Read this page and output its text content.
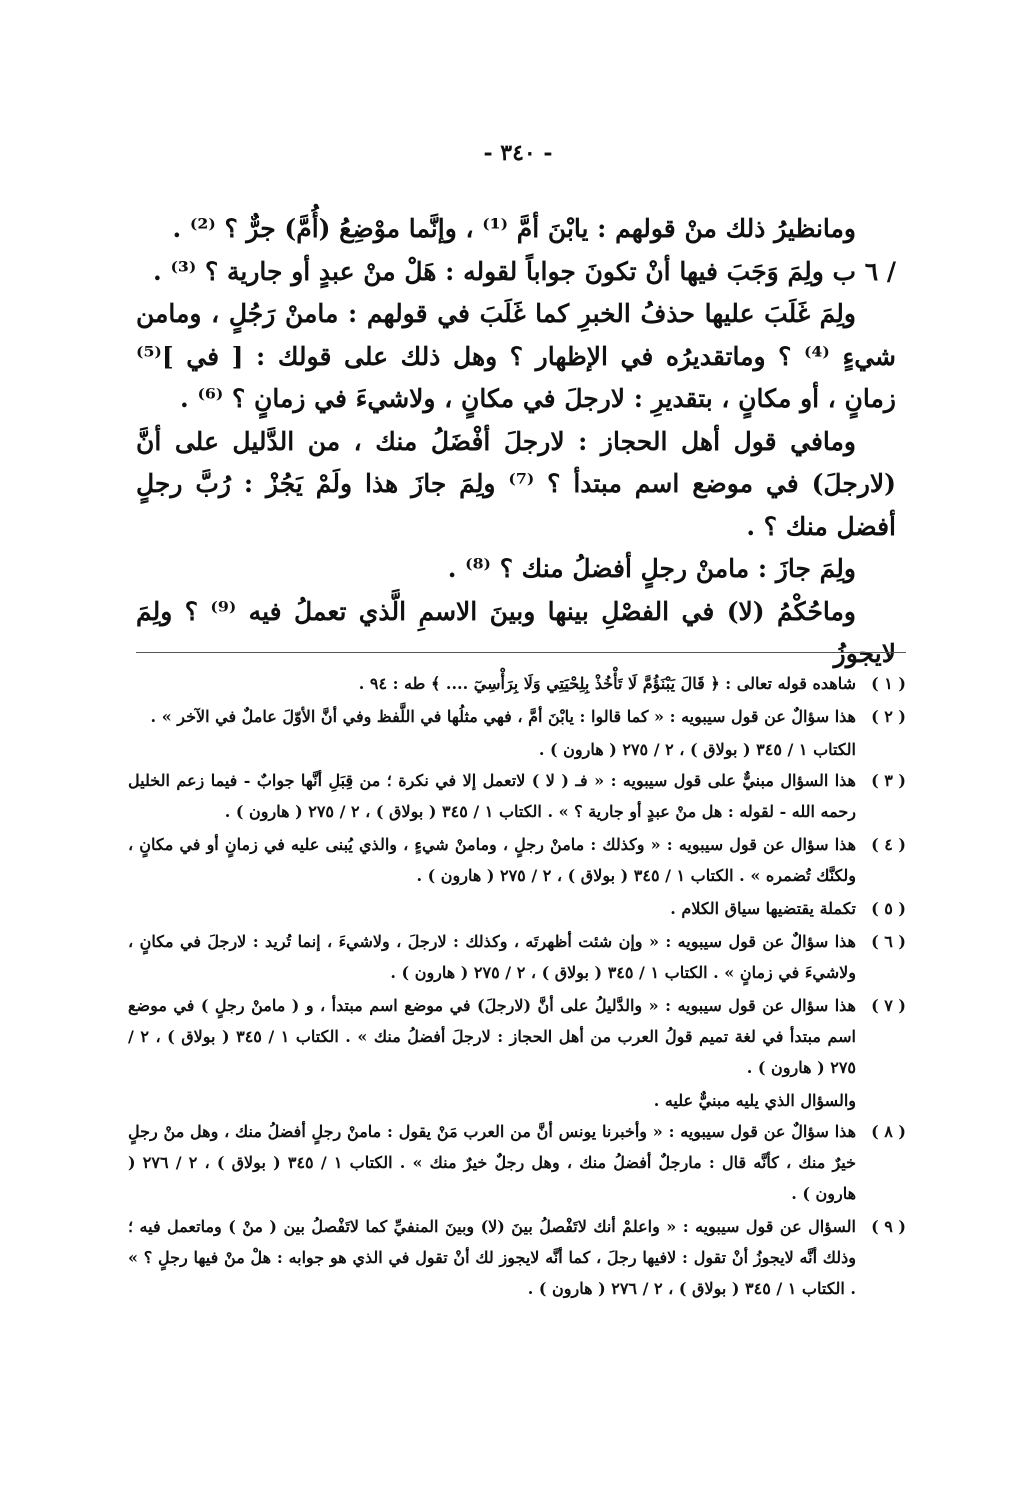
- ٣٤٠ -

ومانظيرُ ذلك منْ قولهم : يابْنَ أمَّ ⁽¹⁾ ، وإنَّما موْضِعُ (أُمَّ) جرٌّ ؟ ⁽²⁾ .

/ ٦ ب ولِمَ وَجَبَ فيها أنْ تكونَ جواباً لقوله : هَلْ منْ عبدٍ أو جارية ؟ ⁽³⁾ .

ولِمَ غَلَبَ عليها حذفُ الخبرِ كما غَلَبَ في قولهم : مامنْ رَجُلٍ ، ومامن شيءٍ ⁽⁴⁾ ؟ وماتقديرُه في الإظهار ؟ وهل ذلك على قولك : [ في ]⁽⁵⁾ زمانٍ ، أو مكانٍ ، بتقديرِ : لارجلَ في مكانٍ ، ولاشيءَ في زمانٍ ؟ ⁽⁶⁾ .

ومافي قول أهل الحجاز : لارجلَ أفْضَلُ منك ، من الدَّليل على أنَّ (لارجلَ) في موضع اسم مبتدأ ؟ ⁽⁷⁾ ولِمَ جازَ هذا ولَمْ يَجُزْ : رُبَّ رجلٍ أفضل منك ؟ .

ولِمَ جازَ : مامنْ رجلٍ أفضلُ منك ؟ ⁽⁸⁾ .

وماحُكْمُ (لا) في الفصْلِ بينها وبينَ الاسمِ الَّذي تعملُ فيه ⁽⁹⁾ ؟ ولِمَ لايجوزُ

( ١ )
شاهده قوله تعالى : ﴿ قَالَ يَبْنَؤُمَّ لَا تَأْخُذْ بِلِحْيَتِي وَلَا بِرَأْسِيٓ .... ﴾ طه : ٩٤ .
( ٢ )
هذا سؤالٌ عن قول سيبويه : « كما قالوا : يابْنَ أمَّ ، فهي مثلُها في اللَّفظ وفي أنَّ الأوّلَ عاملٌ في الآخر » .
الكتاب ١ / ٣٤٥ ( بولاق ) ، ٢ / ٢٧٥ ( هارون ) .
( ٣ )
هذا السؤال مبنيٌّ على قول سيبويه : « فـ ( لا ) لاتعمل إلا في نكرة ؛ من قِبَلِ أنَّها جوابٌ - فيما زعم الخليل رحمه الله - لقوله : هل منْ عبدٍ أو جارية ؟ » . الكتاب ١ / ٣٤٥ ( بولاق ) ، ٢ / ٢٧٥ ( هارون ) .
( ٤ )
هذا سؤال عن قول سيبويه : « وكذلك : مامنْ رجلٍ ، ومامنْ شيءٍ ، والذي يُبنى عليه في زمانٍ أو في مكانٍ ، ولكنَّك تُضمره » . الكتاب ١ / ٣٤٥ ( بولاق ) ، ٢ / ٢٧٥ ( هارون ) .
( ٥ )
تكملة يقتضيها سياق الكلام .
( ٦ )
هذا سؤالٌ عن قول سيبويه : « وإن شئت أظهرتَه ، وكذلك : لارجلَ ، ولاشيءَ ، إنما تُريد : لارجلَ في مكانٍ ، ولاشيءَ في زمانٍ » . الكتاب ١ / ٣٤٥ ( بولاق ) ، ٢ / ٢٧٥ ( هارون ) .
( ٧ )
هذا سؤال عن قول سيبويه : « والدَّليلُ على أنَّ (لارجلَ) في موضع اسم مبتدأ ، و ( مامنْ رجلٍ ) في موضع اسم مبتدأ في لغة تميم قولُ العرب من أهل الحجاز : لارجلَ أفضلُ منك » . الكتاب ١ / ٣٤٥ ( بولاق ) ، ٢ / ٢٧٥ ( هارون ) .
والسؤال الذي يليه مبنيٌّ عليه .
( ٨ )
هذا سؤالٌ عن قول سيبويه : « وأخبرنا يونس أنَّ من العرب مَنْ يقول : مامنْ رجلٍ أفضلُ منك ، وهل منْ رجلٍ خيرٌ منك ، كأنَّه قال : مارجلٌ أفضلُ منك ، وهل رجلٌ خيرٌ منك » . الكتاب ١ / ٣٤٥ ( بولاق ) ، ٢ / ٢٧٦ ( هارون ) .
( ٩ )
السؤال عن قول سيبويه : « واعلمْ أنك لاتَفْصلُ بينَ (لا) وبينَ المنفيِّ كما لاتَفْصلُ بين ( منْ ) وماتعمل فيه ؛ وذلك أنَّه لايجوزُ أنْ تقول : لافيها رجلَ ، كما أنَّه لايجوز لك أنْ تقول في الذي هو جوابه : هلْ منْ فيها رجلٍ ؟ » . الكتاب ١ / ٣٤٥ ( بولاق ) ، ٢ / ٢٧٦ ( هارون ) .
